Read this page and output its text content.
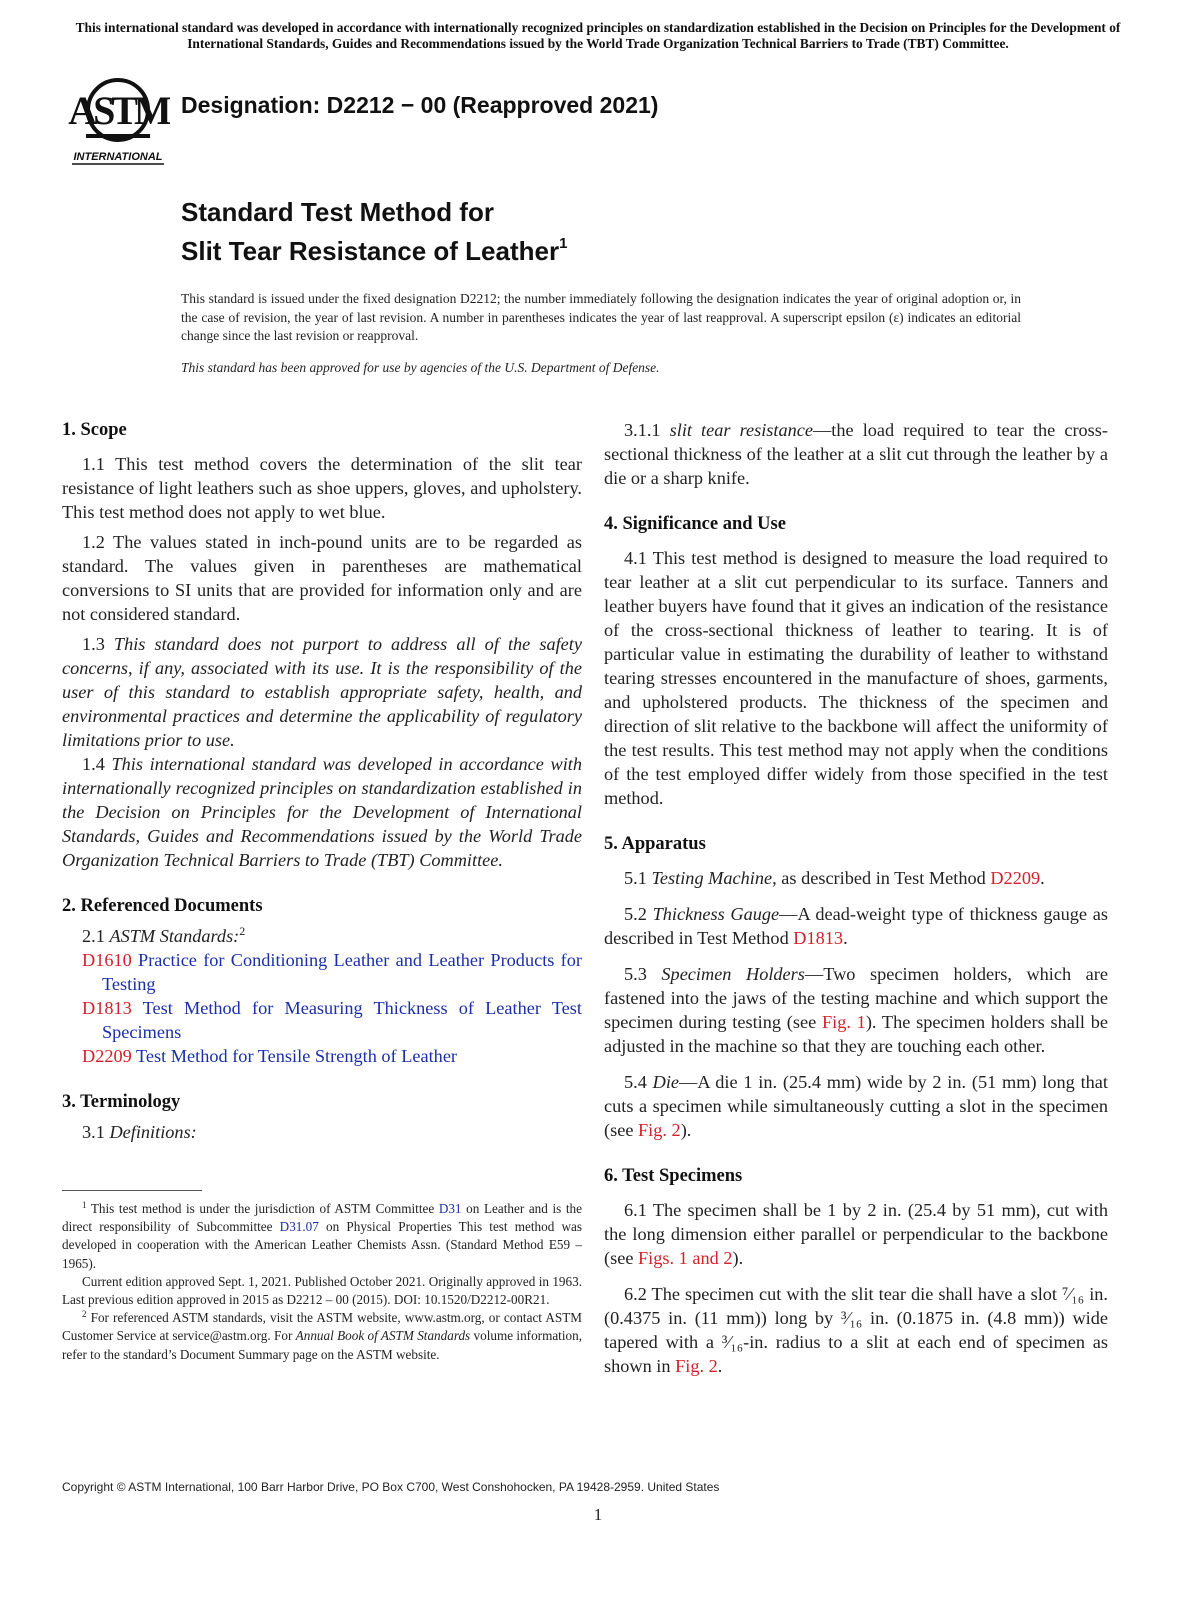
This international standard was developed in accordance with internationally recognized principles on standardization established in the Decision on Principles for the Development of International Standards, Guides and Recommendations issued by the World Trade Organization Technical Barriers to Trade (TBT) Committee.
ASTM
INTERNATIONAL
Designation: D2212 − 00 (Reapproved 2021)
Standard Test Method for
Slit Tear Resistance of Leather$^1$
This standard is issued under the fixed designation D2212; the number immediately following the designation indicates the year of original adoption or, in the case of revision, the year of last revision. A number in parentheses indicates the year of last reapproval. A superscript epsilon (ε) indicates an editorial change since the last revision or reapproval.
This standard has been approved for use by agencies of the U.S. Department of Defense.

1. Scope

1.1 This test method covers the determination of the slit tear resistance of light leathers such as shoe uppers, gloves, and upholstery. This test method does not apply to wet blue.

1.2 The values stated in inch-pound units are to be regarded as standard. The values given in parentheses are mathematical conversions to SI units that are provided for information only and are not considered standard.

1.3 This standard does not purport to address all of the safety concerns, if any, associated with its use. It is the responsibility of the user of this standard to establish appropriate safety, health, and environmental practices and determine the applicability of regulatory limitations prior to use.

1.4 This international standard was developed in accordance with internationally recognized principles on standardization established in the Decision on Principles for the Development of International Standards, Guides and Recommendations issued by the World Trade Organization Technical Barriers to Trade (TBT) Committee.

2. Referenced Documents

2.1 ASTM Standards:$^2$

D1610 Practice for Conditioning Leather and Leather Products for Testing

D1813 Test Method for Measuring Thickness of Leather Test Specimens

D2209 Test Method for Tensile Strength of Leather

3. Terminology

3.1 Definitions:

3.1.1 slit tear resistance—the load required to tear the cross-sectional thickness of the leather at a slit cut through the leather by a die or a sharp knife.

4. Significance and Use

4.1 This test method is designed to measure the load required to tear leather at a slit cut perpendicular to its surface. Tanners and leather buyers have found that it gives an indication of the resistance of the cross-sectional thickness of leather to tearing. It is of particular value in estimating the durability of leather to withstand tearing stresses encountered in the manufacture of shoes, garments, and upholstered products. The thickness of the specimen and direction of slit relative to the backbone will affect the uniformity of the test results. This test method may not apply when the conditions of the test employed differ widely from those specified in the test method.

5. Apparatus

5.1 Testing Machine, as described in Test Method D2209.

5.2 Thickness Gauge—A dead-weight type of thickness gauge as described in Test Method D1813.

5.3 Specimen Holders—Two specimen holders, which are fastened into the jaws of the testing machine and which support the specimen during testing (see Fig. 1). The specimen holders shall be adjusted in the machine so that they are touching each other.

5.4 Die—A die 1 in. (25.4 mm) wide by 2 in. (51 mm) long that cuts a specimen while simultaneously cutting a slot in the specimen (see Fig. 2).

6. Test Specimens

6.1 The specimen shall be 1 by 2 in. (25.4 by 51 mm), cut with the long dimension either parallel or perpendicular to the backbone (see Figs. 1 and 2).

6.2 The specimen cut with the slit tear die shall have a slot ⁷⁄₁₆ in. (0.4375 in. (11 mm)) long by ³⁄₁₆ in. (0.1875 in. (4.8 mm)) wide tapered with a ³⁄₁₆-in. radius to a slit at each end of specimen as shown in Fig. 2.

$^1$ This test method is under the jurisdiction of ASTM Committee D31 on Leather and is the direct responsibility of Subcommittee D31.07 on Physical Properties This test method was developed in cooperation with the American Leather Chemists Assn. (Standard Method E59 – 1965).

Current edition approved Sept. 1, 2021. Published October 2021. Originally approved in 1963. Last previous edition approved in 2015 as D2212 – 00 (2015). DOI: 10.1520/D2212-00R21.

$^2$ For referenced ASTM standards, visit the ASTM website, www.astm.org, or contact ASTM Customer Service at service@astm.org. For Annual Book of ASTM Standards volume information, refer to the standard’s Document Summary page on the ASTM website.

Copyright © ASTM International, 100 Barr Harbor Drive, PO Box C700, West Conshohocken, PA 19428-2959. United States
1
